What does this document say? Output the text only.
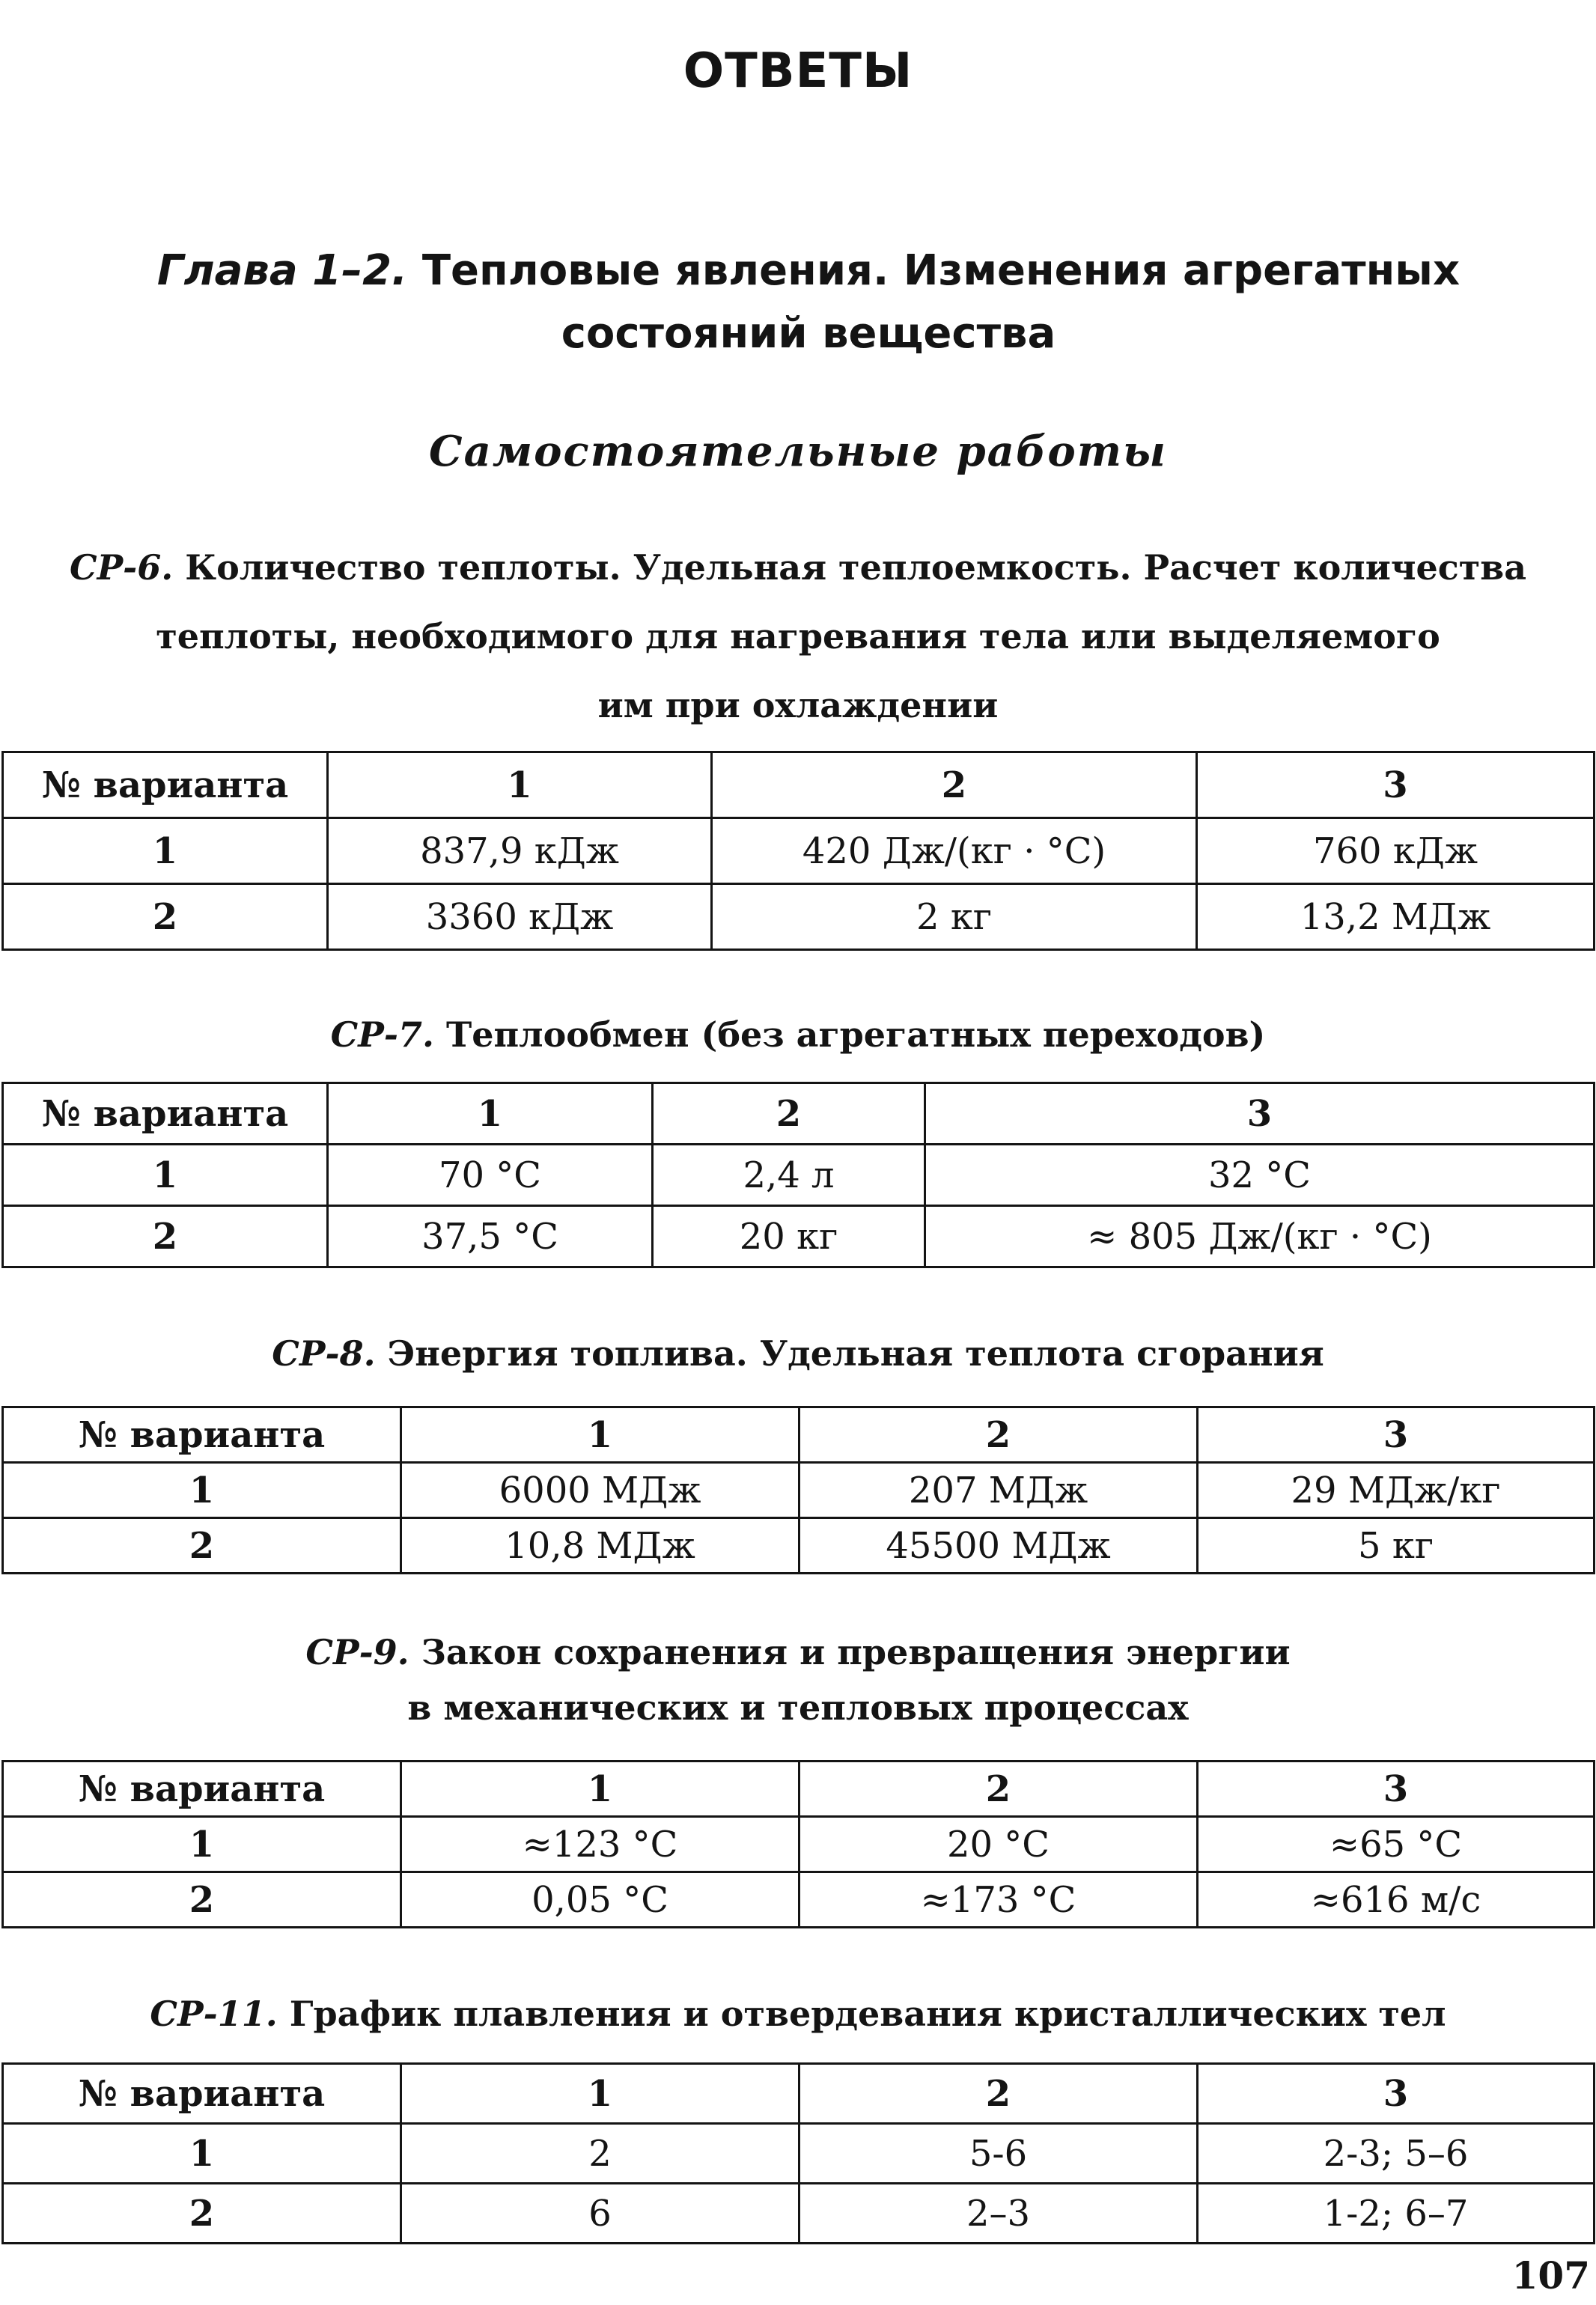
ОТВЕТЫ
Глава 1–2. Тепловые явления. Изменения агрегатных
состояний вещества
Самостоятельные работы
СР-6. Количество теплоты. Удельная теплоемкость. Расчет количества
теплоты, необходимого для нагревания тела или выделяемого
им при охлаждении
№ варианта	1	2	3
1	837,9 кДж	420 Дж/(кг · °С)	760 кДж
2	3360 кДж	2 кг	13,2 МДж
СР-7. Теплообмен (без агрегатных переходов)
№ варианта	1	2	3
1	70 °С	2,4 л	32 °С
2	37,5 °С	20 кг	≈ 805 Дж/(кг · °С)
СР-8. Энергия топлива. Удельная теплота сгорания
№ варианта	1	2	3
1	6000 МДж	207 МДж	29 МДж/кг
2	10,8 МДж	45500 МДж	5 кг
СР-9. Закон сохранения и превращения энергии
в механических и тепловых процессах
№ варианта	1	2	3
1	≈123 °С	20 °С	≈65 °С
2	0,05 °С	≈173 °С	≈616 м/с
СР-11. График плавления и отвердевания кристаллических тел
№ варианта	1	2	3
1	2	5-6	2-3; 5–6
2	6	2–3	1-2; 6–7
107
